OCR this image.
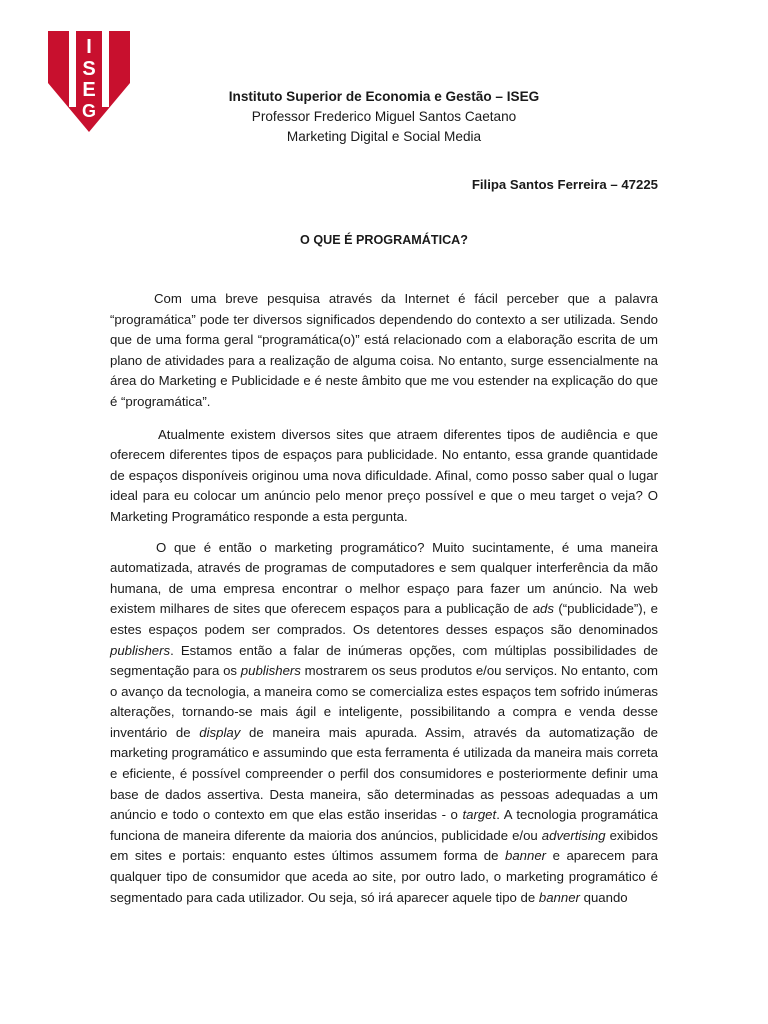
I
S
E
G
Instituto Superior de Economia e Gestão – ISEG
Professor Frederico Miguel Santos Caetano
Marketing Digital e Social Media
Filipa Santos Ferreira – 47225
O QUE É PROGRAMÁTICA?

Com uma breve pesquisa através da Internet é fácil perceber que a palavra “programática” pode ter diversos significados dependendo do contexto a ser utilizada. Sendo que de uma forma geral “programática(o)” está relacionado com a elaboração escrita de um plano de atividades para a realização de alguma coisa. No entanto, surge essencialmente na área do Marketing e Publicidade e é neste âmbito que me vou estender na explicação do que é “programática”.

Atualmente existem diversos sites que atraem diferentes tipos de audiência e que oferecem diferentes tipos de espaços para publicidade. No entanto, essa grande quantidade de espaços disponíveis originou uma nova dificuldade. Afinal, como posso saber qual o lugar ideal para eu colocar um anúncio pelo menor preço possível e que o meu target o veja? O Marketing Programático responde a esta pergunta.

O que é então o marketing programático? Muito sucintamente, é uma maneira automatizada, através de programas de computadores e sem qualquer interferência da mão humana, de uma empresa encontrar o melhor espaço para fazer um anúncio. Na web existem milhares de sites que oferecem espaços para a publicação de ads (“publicidade”), e estes espaços podem ser comprados. Os detentores desses espaços são denominados publishers. Estamos então a falar de inúmeras opções, com múltiplas possibilidades de segmentação para os publishers mostrarem os seus produtos e/ou serviços. No entanto, com o avanço da tecnologia, a maneira como se comercializa estes espaços tem sofrido inúmeras alterações, tornando-se mais ágil e inteligente, possibilitando a compra e venda desse inventário de display de maneira mais apurada. Assim, através da automatização de marketing programático e assumindo que esta ferramenta é utilizada da maneira mais correta e eficiente, é possível compreender o perfil dos consumidores e posteriormente definir uma base de dados assertiva. Desta maneira, são determinadas as pessoas adequadas a um anúncio e todo o contexto em que elas estão inseridas - o target. A tecnologia programática funciona de maneira diferente da maioria dos anúncios, publicidade e/ou advertising exibidos em sites e portais: enquanto estes últimos assumem forma de banner e aparecem para qualquer tipo de consumidor que aceda ao site, por outro lado, o marketing programático é segmentado para cada utilizador. Ou seja, só irá aparecer aquele tipo de banner quando
